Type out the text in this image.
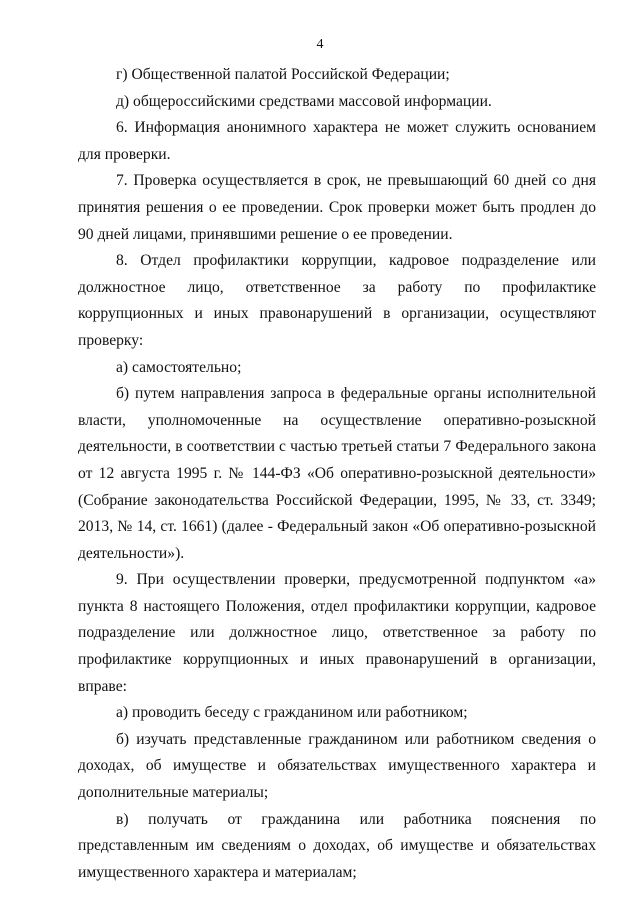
4

г) Общественной палатой Российской Федерации;

д) общероссийскими средствами массовой информации.

6. Информация анонимного характера не может служить основанием для проверки.

7. Проверка осуществляется в срок, не превышающий 60 дней со дня принятия решения о ее проведении. Срок проверки может быть продлен до 90 дней лицами, принявшими решение о ее проведении.

8. Отдел профилактики коррупции, кадровое подразделение или должностное лицо, ответственное за работу по профилактике коррупционных и иных правонарушений в организации, осуществляют проверку:

а) самостоятельно;

б) путем направления запроса в федеральные органы исполнительной власти, уполномоченные на осуществление оперативно-розыскной деятельности, в соответствии с частью третьей статьи 7 Федерального закона от 12 августа 1995 г. № 144-ФЗ «Об оперативно-розыскной деятельности» (Собрание законодательства Российской Федерации, 1995, № 33, ст. 3349; 2013, № 14, ст. 1661) (далее - Федеральный закон «Об оперативно-розыскной деятельности»).

9. При осуществлении проверки, предусмотренной подпунктом «а» пункта 8 настоящего Положения, отдел профилактики коррупции, кадровое подразделение или должностное лицо, ответственное за работу по профилактике коррупционных и иных правонарушений в организации, вправе:

а) проводить беседу с гражданином или работником;

б) изучать представленные гражданином или работником сведения о доходах, об имуществе и обязательствах имущественного характера и дополнительные материалы;

в) получать от гражданина или работника пояснения по представленным им сведениям о доходах, об имуществе и обязательствах имущественного характера и материалам;
